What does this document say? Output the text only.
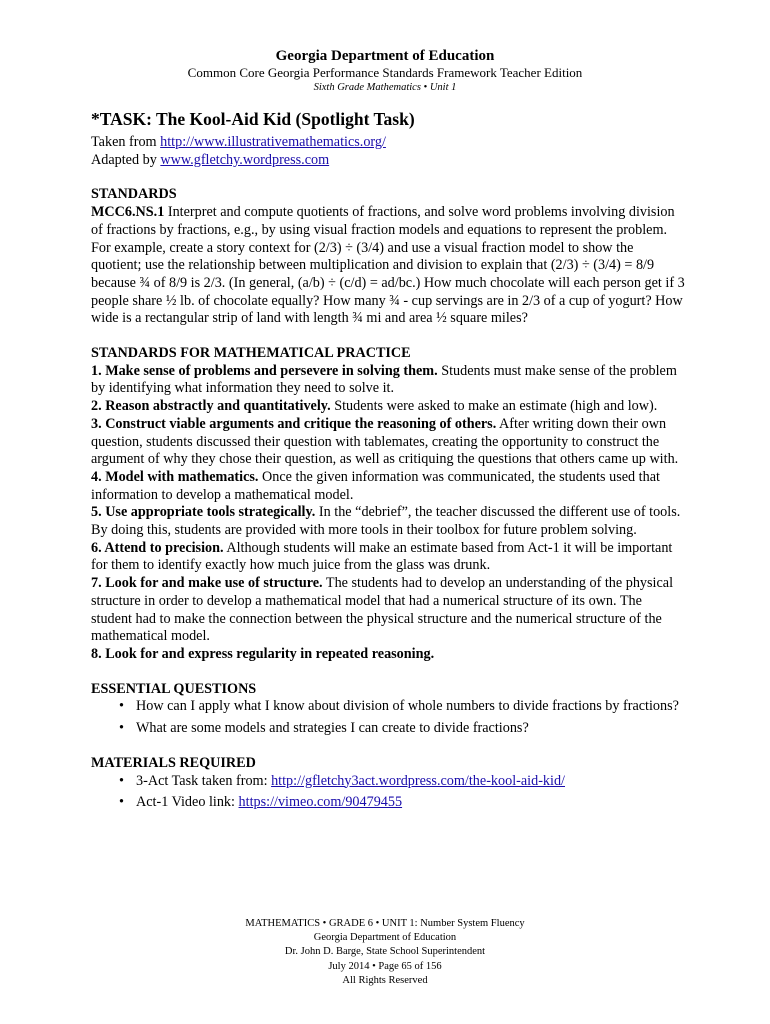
Georgia Department of Education
Common Core Georgia Performance Standards Framework Teacher Edition
Sixth Grade Mathematics • Unit 1
*TASK: The Kool-Aid Kid (Spotlight Task)

Taken from http://www.illustrativemathematics.org/

Adapted by www.gfletchy.wordpress.com

STANDARDS

MCC6.NS.1 Interpret and compute quotients of fractions, and solve word problems involving division of fractions by fractions, e.g., by using visual fraction models and equations to represent the problem. For example, create a story context for (2/3) ÷ (3/4) and use a visual fraction model to show the quotient; use the relationship between multiplication and division to explain that (2/3) ÷ (3/4) = 8/9 because ¾ of 8/9 is 2/3. (In general, (a/b) ÷ (c/d) = ad/bc.) How much chocolate will each person get if 3 people share ½ lb. of chocolate equally? How many ¾ - cup servings are in 2/3 of a cup of yogurt? How wide is a rectangular strip of land with length ¾ mi and area ½ square miles?

STANDARDS FOR MATHEMATICAL PRACTICE

1. Make sense of problems and persevere in solving them. Students must make sense of the problem by identifying what information they need to solve it.

2. Reason abstractly and quantitatively. Students were asked to make an estimate (high and low).

3. Construct viable arguments and critique the reasoning of others. After writing down their own question, students discussed their question with tablemates, creating the opportunity to construct the argument of why they chose their question, as well as critiquing the questions that others came up with.

4. Model with mathematics. Once the given information was communicated, the students used that information to develop a mathematical model.

5. Use appropriate tools strategically. In the “debrief”, the teacher discussed the different use of tools. By doing this, students are provided with more tools in their toolbox for future problem solving.

6. Attend to precision. Although students will make an estimate based from Act-1 it will be important for them to identify exactly how much juice from the glass was drunk.

7. Look for and make use of structure. The students had to develop an understanding of the physical structure in order to develop a mathematical model that had a numerical structure of its own. The student had to make the connection between the physical structure and the numerical structure of the mathematical model.

8. Look for and express regularity in repeated reasoning.

ESSENTIAL QUESTIONS
• How can I apply what I know about division of whole numbers to divide fractions by fractions?
• What are some models and strategies I can create to divide fractions?
MATERIALS REQUIRED
• 3-Act Task taken from: http://gfletchy3act.wordpress.com/the-kool-aid-kid/
• Act-1 Video link: https://vimeo.com/90479455
MATHEMATICS • GRADE 6 • UNIT 1: Number System Fluency
Georgia Department of Education
Dr. John D. Barge, State School Superintendent
July 2014 • Page 65 of 156
All Rights Reserved
